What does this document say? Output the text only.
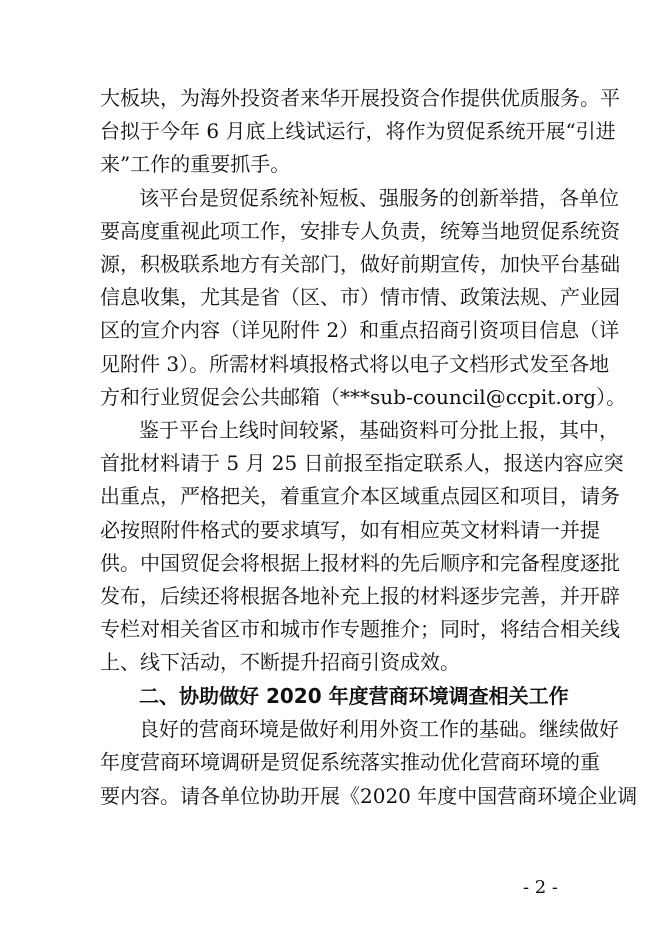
大板块，为海外投资者来华开展投资合作提供优质服务。平
台拟于今年 6 月底上线试运行，将作为贸促系统开展“引进
来”工作的重要抓手。
该平台是贸促系统补短板、强服务的创新举措，各单位
要高度重视此项工作，安排专人负责，统筹当地贸促系统资
源，积极联系地方有关部门，做好前期宣传，加快平台基础
信息收集，尤其是省（区、市）情市情、政策法规、产业园
区的宣介内容（详见附件 2）和重点招商引资项目信息（详
见附件 3）。所需材料填报格式将以电子文档形式发至各地
方和行业贸促会公共邮箱（***sub-council@ccpit.org）。
鉴于平台上线时间较紧，基础资料可分批上报，其中，
首批材料请于 5 月 25 日前报至指定联系人，报送内容应突
出重点，严格把关，着重宣介本区域重点园区和项目，请务
必按照附件格式的要求填写，如有相应英文材料请一并提
供。中国贸促会将根据上报材料的先后顺序和完备程度逐批
发布，后续还将根据各地补充上报的材料逐步完善，并开辟
专栏对相关省区市和城市作专题推介；同时，将结合相关线
上、线下活动，不断提升招商引资成效。
二、协助做好 2020 年度营商环境调查相关工作
- 2 -
良好的营商环境是做好利用外资工作的基础。继续做好
年度营商环境调研是贸促系统落实推动优化营商环境的重
要内容。请各单位协助开展《2020 年度中国营商环境企业调
